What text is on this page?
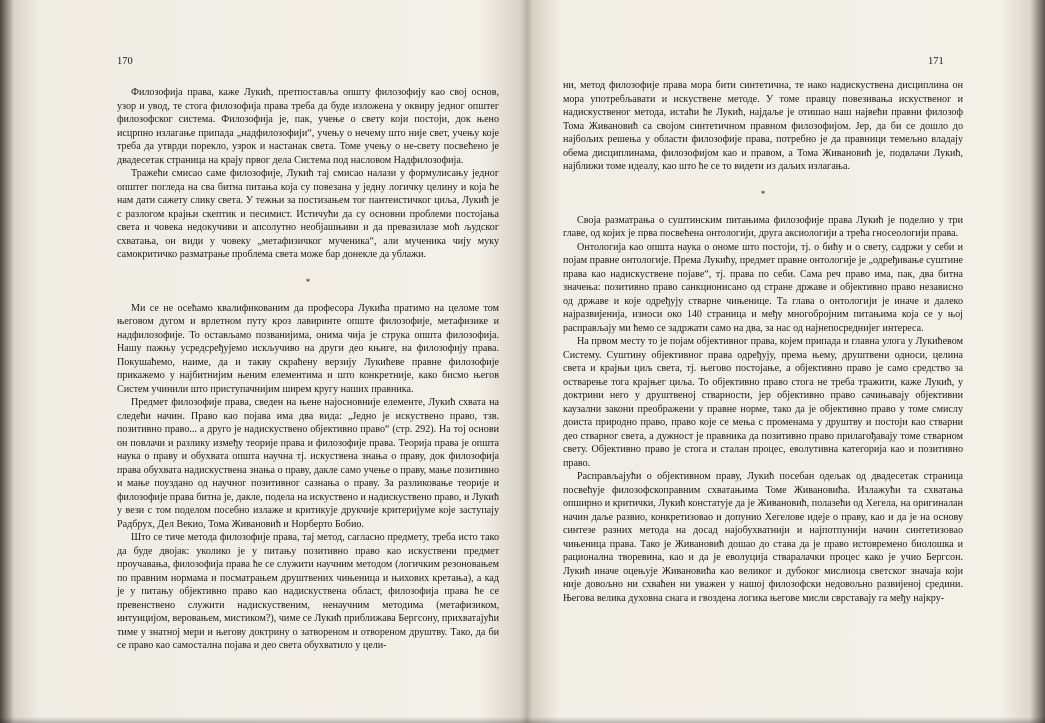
170

Филозофија права, каже Лукић, претпоставља општу филозофију као свој основ, узор и увод, те стога филозофија права треба да буде изложена у оквиру једног општег филозофског система. Филозофија је, пак, учење о свету који постоји, док њено исцрпно излагање припада „надфилозофији“, учењу о нечему што није свет, учењу које треба да утврди порекло, узрок и настанак света. Томе учењу о не-свету посвећено је двадесетак страница на крају првог дела Система под насловом Надфилозофија.

Тражећи смисао саме филозофије, Лукић тај смисао налази у формулисању једног општег погледа на сва битна питања која су повезана у једну логичку целину и која ће нам дати сажету слику света. У тежњи за постизањем тог пантеистичког циља, Лукић је с разлогом крајњи скептик и песимист. Истичући да су основни проблеми постојања света и човека недокучиви и апсолутно необјашњиви и да превазилазе моћ људског схватања, он види у човеку „метафизичког мученика“, али мученика чију муку самокритичко разматрање проблема света може бар донекле да ублажи.

*

Ми се не осећамо квалификованим да професора Лукића пратимо на целоме том његовом дугом и врлетном путу кроз лавиринте опште филозофије, метафизике и надфилозофије. То остављамо позванијима, онима чија је струка општа филозофија. Нашу пажњу усредсређујемо искључиво на други део књиге, на филозофију права. Покушаћемо, наиме, да и такву скраћену верзију Лукићеве правне филозофије прикажемо у најбитнијим њеним елементима и што конкретније, како бисмо његов Систем учинили што приступачнијим ширем кругу наших правника.

Предмет филозофије права, сведен на њене најосновније елементе, Лукић схвата на следећи начин. Право као појава има два вида: „Једно је искуствено право, тзв. позитивно право... а друго је надискуствено објективно право“ (стр. 292). На тој основи он повлачи и разлику између теорије права и филозофије права. Теорија права је општа наука о праву и обухвата општа научна тј. искуствена знања о праву, док филозофија права обухвата надискуствена знања о праву, дакле само учење о праву, мање позитивно и мање поуздано од научног позитивног сазнања о праву. За разликовање теорије и филозофије права битна је, дакле, подела на искуствено и надискуствено право, и Лукић у вези с том поделом посебно излаже и критикује друкчије критеријуме које заступају Радбрух, Дел Векио, Тома Живановић и Норберто Бобио.

Што се тиче метода филозофије права, тај метод, сагласно предмету, треба исто тако да буде двојак: уколико је у питању позитивно право као искуствени предмет проучавања, филозофија права ће се служити научним методом (логичким резоновањем по правним нормама и посматрањем друштвених чињеница и њихових кретања), а кад је у питању објективно право као надискуствена област, филозофија права ће се превенствено служити надискуственим, ненаучним методима (метафизиком, интуицијом, веровањем, мистиком?), чиме се Лукић приближава Бергсону, прихватајући тиме у знатној мери и његову доктрину о затвореном и отвореном друштву. Тако, да би се право као самостална појава и део света обухватило у цели-

171

ни, метод филозофије права мора бити синтетична, те иако надискуствена дисциплина он мора употребљавати и искуствене методе. У томе правцу повезивања искуственог и надискуственог метода, истаћи ће Лукић, најдаље је отишао наш највећи правни филозоф Тома Живановић са својом синтетичном правном филозофијом. Јер, да би се дошло до најбољих решења у области филозофије права, потребно је да правници темељно владају обема дисциплинама, филозофијом као и правом, а Тома Живановић је, подвлачи Лукић, најближи томе идеалу, као што ће се то видети из даљих излагања.

*

Своја разматрања о суштинским питањима филозофије права Лукић је поделио у три главе, од којих је прва посвећена онтологији, друга аксиологији а трећа гносеологији права.

Онтологија као општа наука о ономе што постоји, тј. о бићу и о свету, садржи у себи и појам правне онтологије. Према Лукићу, предмет правне онтологије је „одређивање суштине права као надискуствене појаве“, тј. права по себи. Сама реч право има, пак, два битна значења: позитивно право санкционисано од стране државе и објективно право независно од државе и које одређују стварне чињенице. Та глава о онтологији је иначе и далеко најразвијенија, износи око 140 страница и међу многобројним питањима која се у њој расправљају ми ћемо се задржати само на два, за нас од најнепосреднијег интереса.

На првом месту то је појам објективног права, којем припада и главна улога у Лукићевом Систему. Суштину објективног права одређују, према њему, друштвени односи, целина света и крајњи циљ света, тј. његово постојање, а објективно право је само средство за остварење тога крајњег циља. То објективно право стога не треба тражити, каже Лукић, у доктрини него у друштвеној стварности, јер објективно право сачињавају објективни каузални закони преображени у правне норме, тако да је објективно право у томе смислу доиста природно право, право које се мења с променама у друштву и постоји као стварни део стварног света, а дужност је правника да позитивно право прилагођавају томе стварном свету. Објективно право је стога и сталан процес, еволутивна категорија као и позитивно право.

Расправљајући о објективном праву, Лукић посебан одељак од двадесетак страница посвећује филозофскоправним схватањима Томе Живановића. Излажући та схватања опширно и критички, Лукић констатује да је Живановић, полазећи од Хегела, на оригиналан начин даље развио, конкретизовао и допунио Хегелове идеје о праву, као и да је на основу синтезе разних метода на досад најобухватнији и најпотпунији начин синтетизовао чињеница права. Тако је Живановић дошао до става да је право истовремено биолошка и рационална творевина, као и да је еволуција стваралачки процес како је учио Бергсон. Лукић иначе оцењује Живановића као великог и дубоког мислиоца светског значаја који није довољно ни схваћен ни уважен у нашој филозофски недовољно развијеној средини. Његова велика духовна снага и гвоздена логика његове мисли сврставају га међу најкру-
